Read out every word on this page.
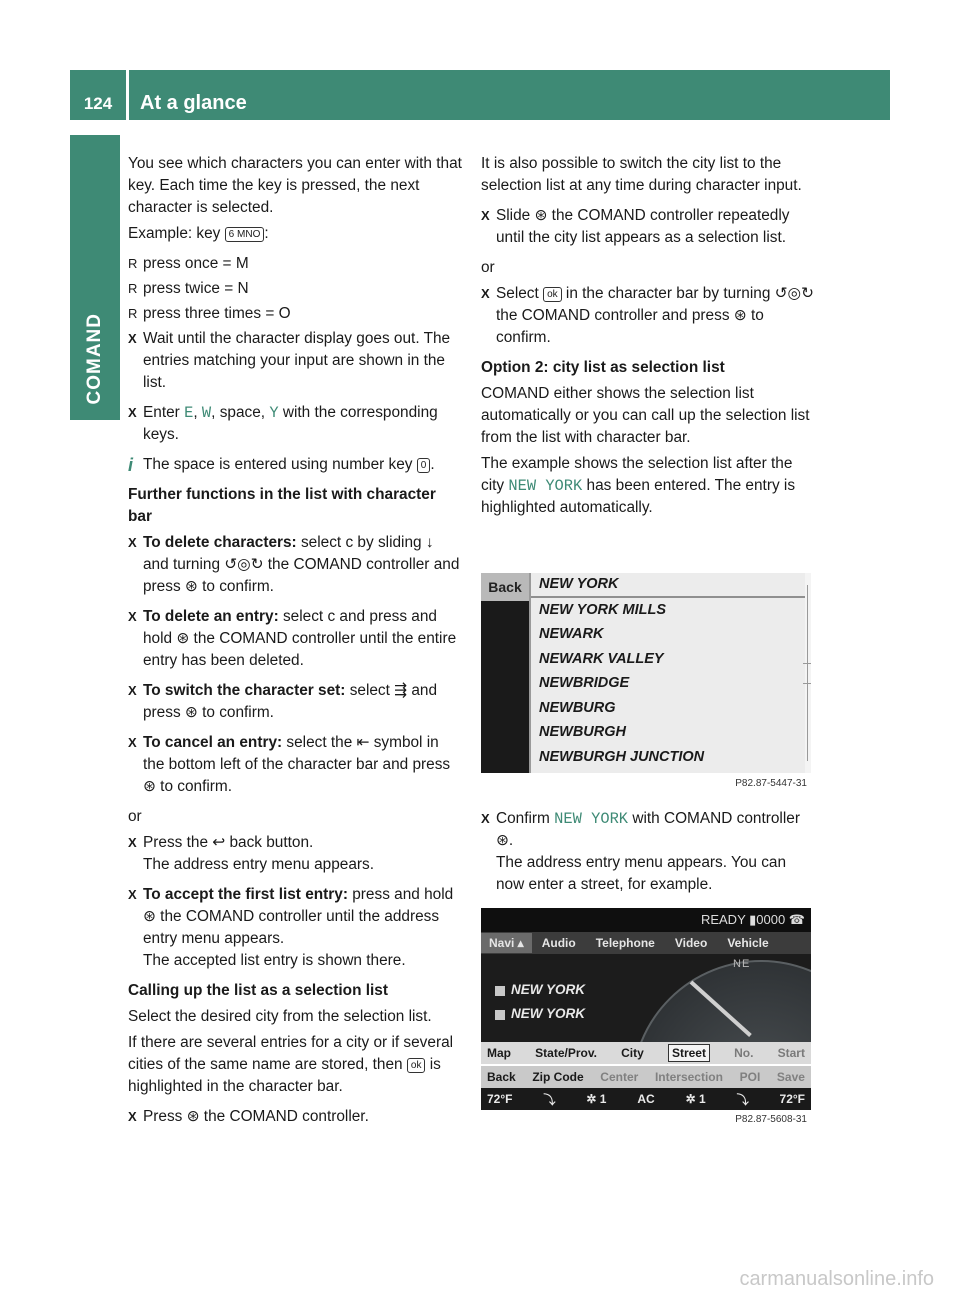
124	At a glance
COMAND
You see which characters you can enter with that key. Each time the key is pressed, the next character is selected.
Example: key 6 MNO :
R press once = M
R press twice = N
R press three times = O
X Wait until the character display goes out. The entries matching your input are shown in the list.
X Enter E, W, space, Y with the corresponding keys.
i The space is entered using number key 0 .
Further functions in the list with character bar
X To delete characters: select c by sliding ↓ and turning ↺◎↻ the COMAND controller and press ⊛ to confirm.
X To delete an entry: select c and press and hold ⊛ the COMAND controller until the entire entry has been deleted.
X To switch the character set: select ⇶ and press ⊛ to confirm.
X To cancel an entry: select the ⇤ symbol in the bottom left of the character bar and press ⊛ to confirm.
or
X Press the ↩ back button.
The address entry menu appears.
X To accept the first list entry: press and hold ⊛ the COMAND controller until the address entry menu appears.
The accepted list entry is shown there.
Calling up the list as a selection list
Select the desired city from the selection list.
If there are several entries for a city or if several cities of the same name are stored, then ok is highlighted in the character bar.
X Press ⊛ the COMAND controller.
It is also possible to switch the city list to the selection list at any time during character input.
X Slide ⊛ the COMAND controller repeatedly until the city list appears as a selection list.
or
X Select ok in the character bar by turning ↺◎↻ the COMAND controller and press ⊛ to confirm.
Option 2: city list as selection list
COMAND either shows the selection list automatically or you can call up the selection list from the list with character bar.
The example shows the selection list after the city NEW YORK has been entered. The entry is highlighted automatically.
Back	NEW YORK
NEW YORK MILLS
NEWARK
NEWARK VALLEY
NEWBRIDGE
NEWBURG
NEWBURGH
NEWBURGH JUNCTION
P82.87-5447-31
X Confirm NEW YORK with COMAND controller ⊛.
The address entry menu appears. You can now enter a street, for example.
READY ▮0000 ☎
Navi ▴	Audio	Telephone	Video	Vehicle
NE
NEW YORK
NEW YORK
Map State/Prov. City	Street	No. Start
Back Zip Code Center Intersection POI Save
72°F	⤵	✲ 1	AC	✲ 1	⤵	72°F
P82.87-5608-31
carmanualsonline.info
